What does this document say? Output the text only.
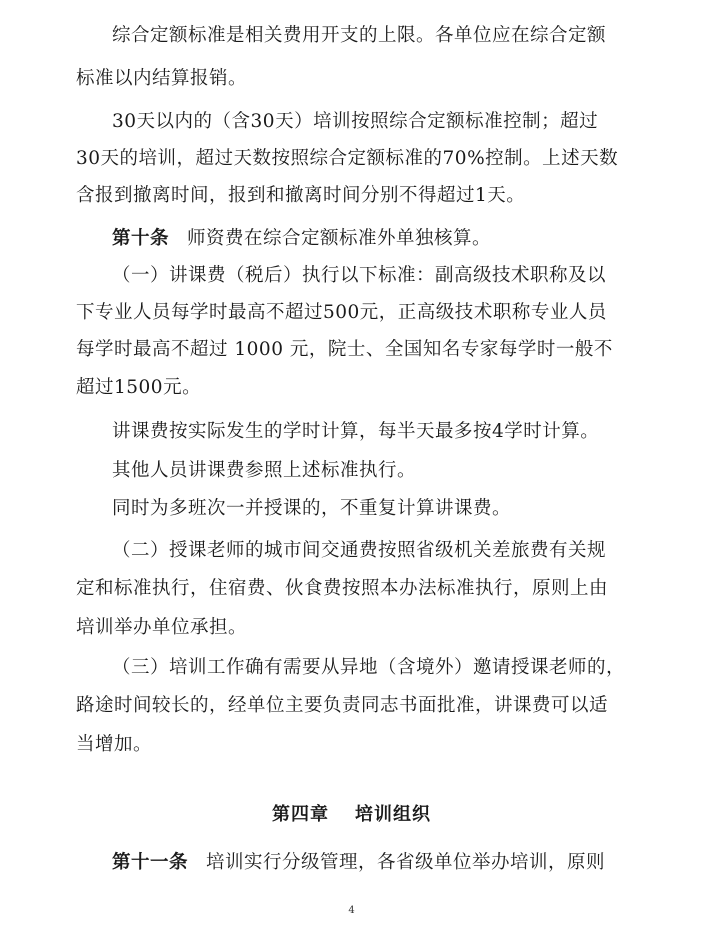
综合定额标准是相关费用开支的上限。各单位应在综合定额
标准以内结算报销。
30天以内的（含30天）培训按照综合定额标准控制；超过
30天的培训，超过天数按照综合定额标准的70%控制。上述天数
含报到撤离时间，报到和撤离时间分别不得超过1天。
第十条 师资费在综合定额标准外单独核算。
（一）讲课费（税后）执行以下标准：副高级技术职称及以
下专业人员每学时最高不超过500元，正高级技术职称专业人员
每学时最高不超过 1000 元，院士、全国知名专家每学时一般不
超过1500元。
讲课费按实际发生的学时计算，每半天最多按4学时计算。
其他人员讲课费参照上述标准执行。
同时为多班次一并授课的，不重复计算讲课费。
（二）授课老师的城市间交通费按照省级机关差旅费有关规
定和标准执行，住宿费、伙食费按照本办法标准执行，原则上由
培训举办单位承担。
（三）培训工作确有需要从异地（含境外）邀请授课老师的，
路途时间较长的，经单位主要负责同志书面批准，讲课费可以适
当增加。
第四章 培训组织
第十一条 培训实行分级管理，各省级单位举办培训，原则
4
